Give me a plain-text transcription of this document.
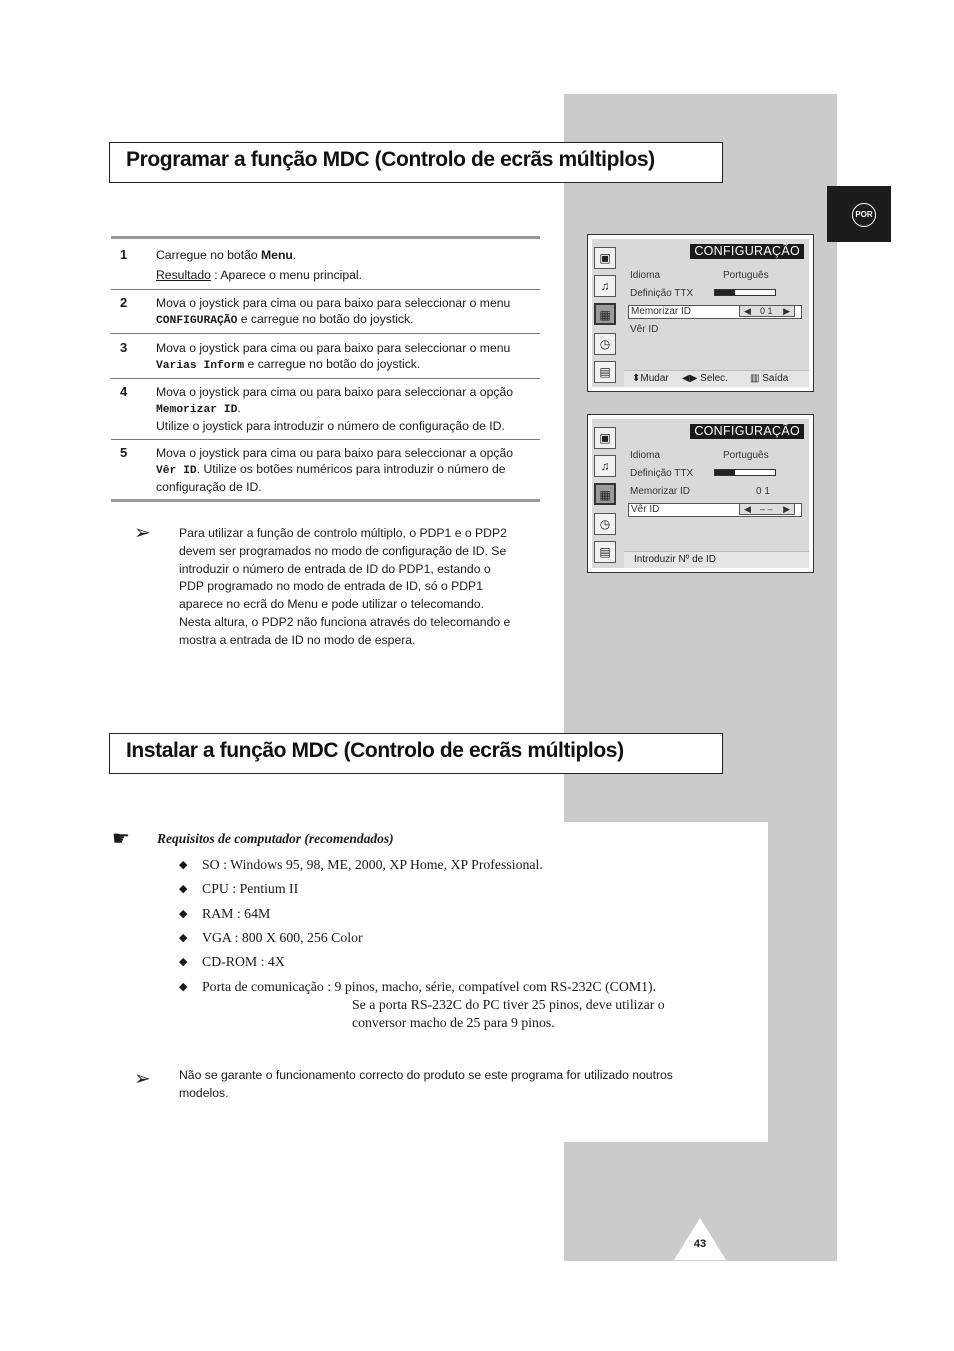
POR
Programar a função MDC (Controlo de ecrãs múltiplos)
1 Carregue no botão Menu.

Resultado : Aparece o menu principal.

2 Mova o joystick para cima ou para baixo para seleccionar o menu

CONFIGURAÇÃO e carregue no botão do joystick.

3 Mova o joystick para cima ou para baixo para seleccionar o menu

Varias Inform e carregue no botão do joystick.

4 Mova o joystick para cima ou para baixo para seleccionar a opção

Memorizar ID.

Utilize o joystick para introduzir o número de configuração de ID.

5 Mova o joystick para cima ou para baixo para seleccionar a opção

Vêr ID. Utilize os botões numéricos para introduzir o número de

configuração de ID.

➢ Para utilizar a função de controlo múltiplo, o PDP1 e o PDP2
devem ser programados no modo de configuração de ID. Se
introduzir o número de entrada de ID do PDP1, estando o
PDP programado no modo de entrada de ID, só o PDP1
aparece no ecrã do Menu e pode utilizar o telecomando.
Nesta altura, o PDP2 não funciona através do telecomando e
mostra a entrada de ID no modo de espera.
▣
♫
▦
◷
▤
CONFIGURAÇÃO
Idioma	Português
Definição TTX
Memorizar ID	◀ 0 1 ▶
Vêr ID
⬍Mudar ◀▶ Selec. ▥ Saída
▣
♫
▦
◷
▤
CONFIGURAÇÃO
Idioma	Português
Definição TTX
Memorizar ID	0 1
Vêr ID	◀ – – ▶
Introduzir Nº de ID
Instalar a função MDC (Controlo de ecrãs múltiplos)
☛ Requisitos de computador (recomendados)
◆ SO : Windows 95, 98, ME, 2000, XP Home, XP Professional.
◆ CPU : Pentium II
◆ RAM : 64M
◆ VGA : 800 X 600, 256 Color
◆ CD-ROM : 4X
◆ Porta de comunicação : 9 pinos, macho, série, compatível com RS-232C (COM1).
Se a porta RS-232C do PC tiver 25 pinos, deve utilizar o
conversor macho de 25 para 9 pinos.
➢ Não se garante o funcionamento correcto do produto se este programa for utilizado noutros
modelos.
43
